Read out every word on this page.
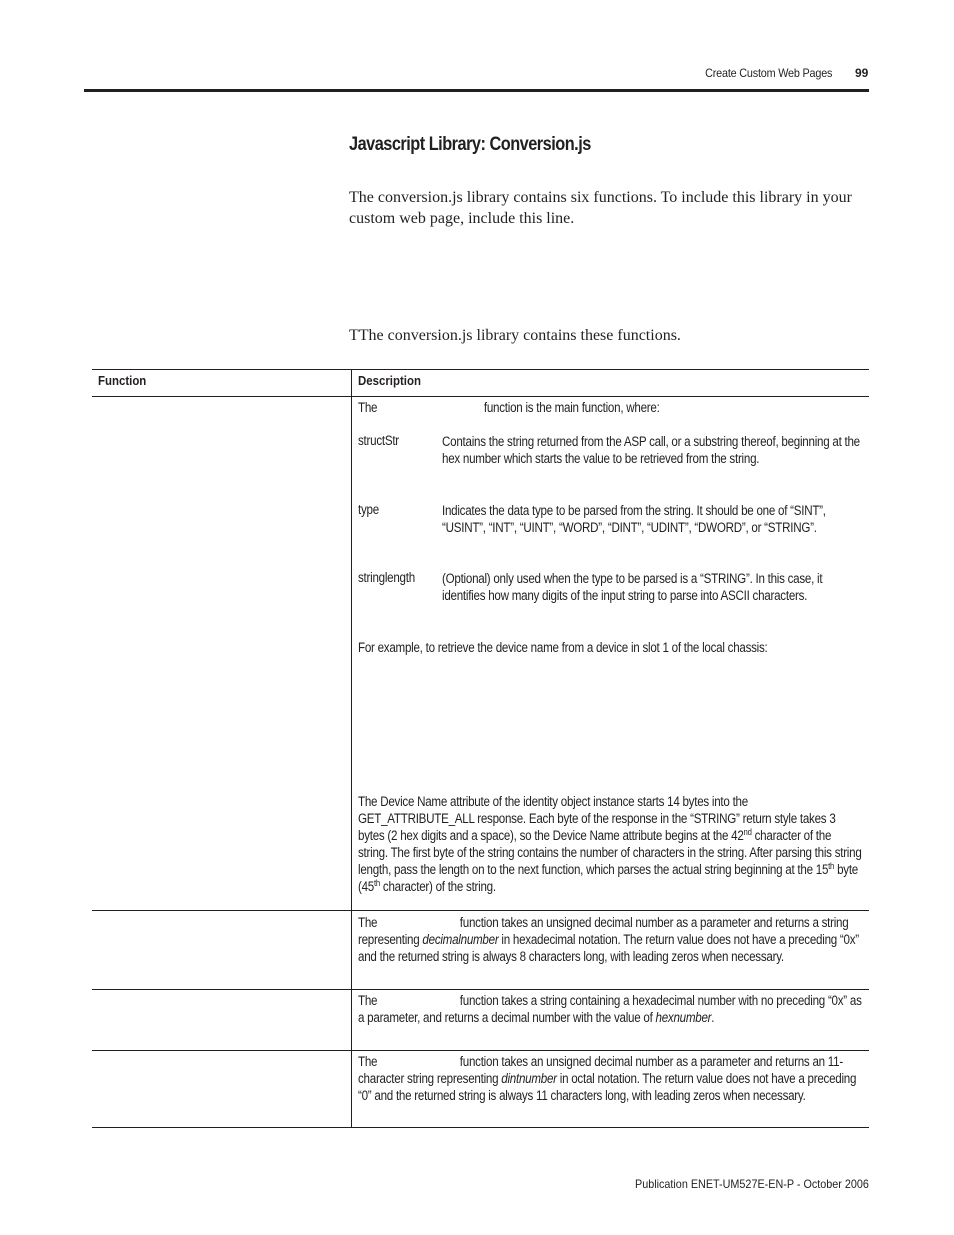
Create Custom Web Pages 99
Javascript Library: Conversion.js
The conversion.js library contains six functions. To include this library in your custom web page, include this line.
TThe conversion.js library contains these functions.
Function	Description
The	function is the main function, where:
structStr	Contains the string returned from the ASP call, or a substring thereof, beginning at the hex number which starts the value to be retrieved from the string.
type	Indicates the data type to be parsed from the string. It should be one of “SINT”, “USINT”, “INT”, “UINT”, “WORD”, “DINT”, “UDINT”, “DWORD”, or “STRING”.
stringlength	(Optional) only used when the type to be parsed is a “STRING”. In this case, it identifies how many digits of the input string to parse into ASCII characters.
For example, to retrieve the device name from a device in slot 1 of the local chassis:
The Device Name attribute of the identity object instance starts 14 bytes into the GET_ATTRIBUTE_ALL response. Each byte of the response in the “STRING” return style takes 3 bytes (2 hex digits and a space), so the Device Name attribute begins at the 42nd character of the string. The first byte of the string contains the number of characters in the string. After parsing this string length, pass the length on to the next function, which parses the actual string beginning at the 15th byte (45th character) of the string.
The	function takes an unsigned decimal number as a parameter and returns a string representing decimalnumber in hexadecimal notation. The return value does not have a preceding “0x” and the returned string is always 8 characters long, with leading zeros when necessary.
The	function takes a string containing a hexadecimal number with no preceding “0x” as a parameter, and returns a decimal number with the value of hexnumber.
The	function takes an unsigned decimal number as a parameter and returns an 11-character string representing dintnumber in octal notation. The return value does not have a preceding “0” and the returned string is always 11 characters long, with leading zeros when necessary.
Publication ENET-UM527E-EN-P - October 2006
